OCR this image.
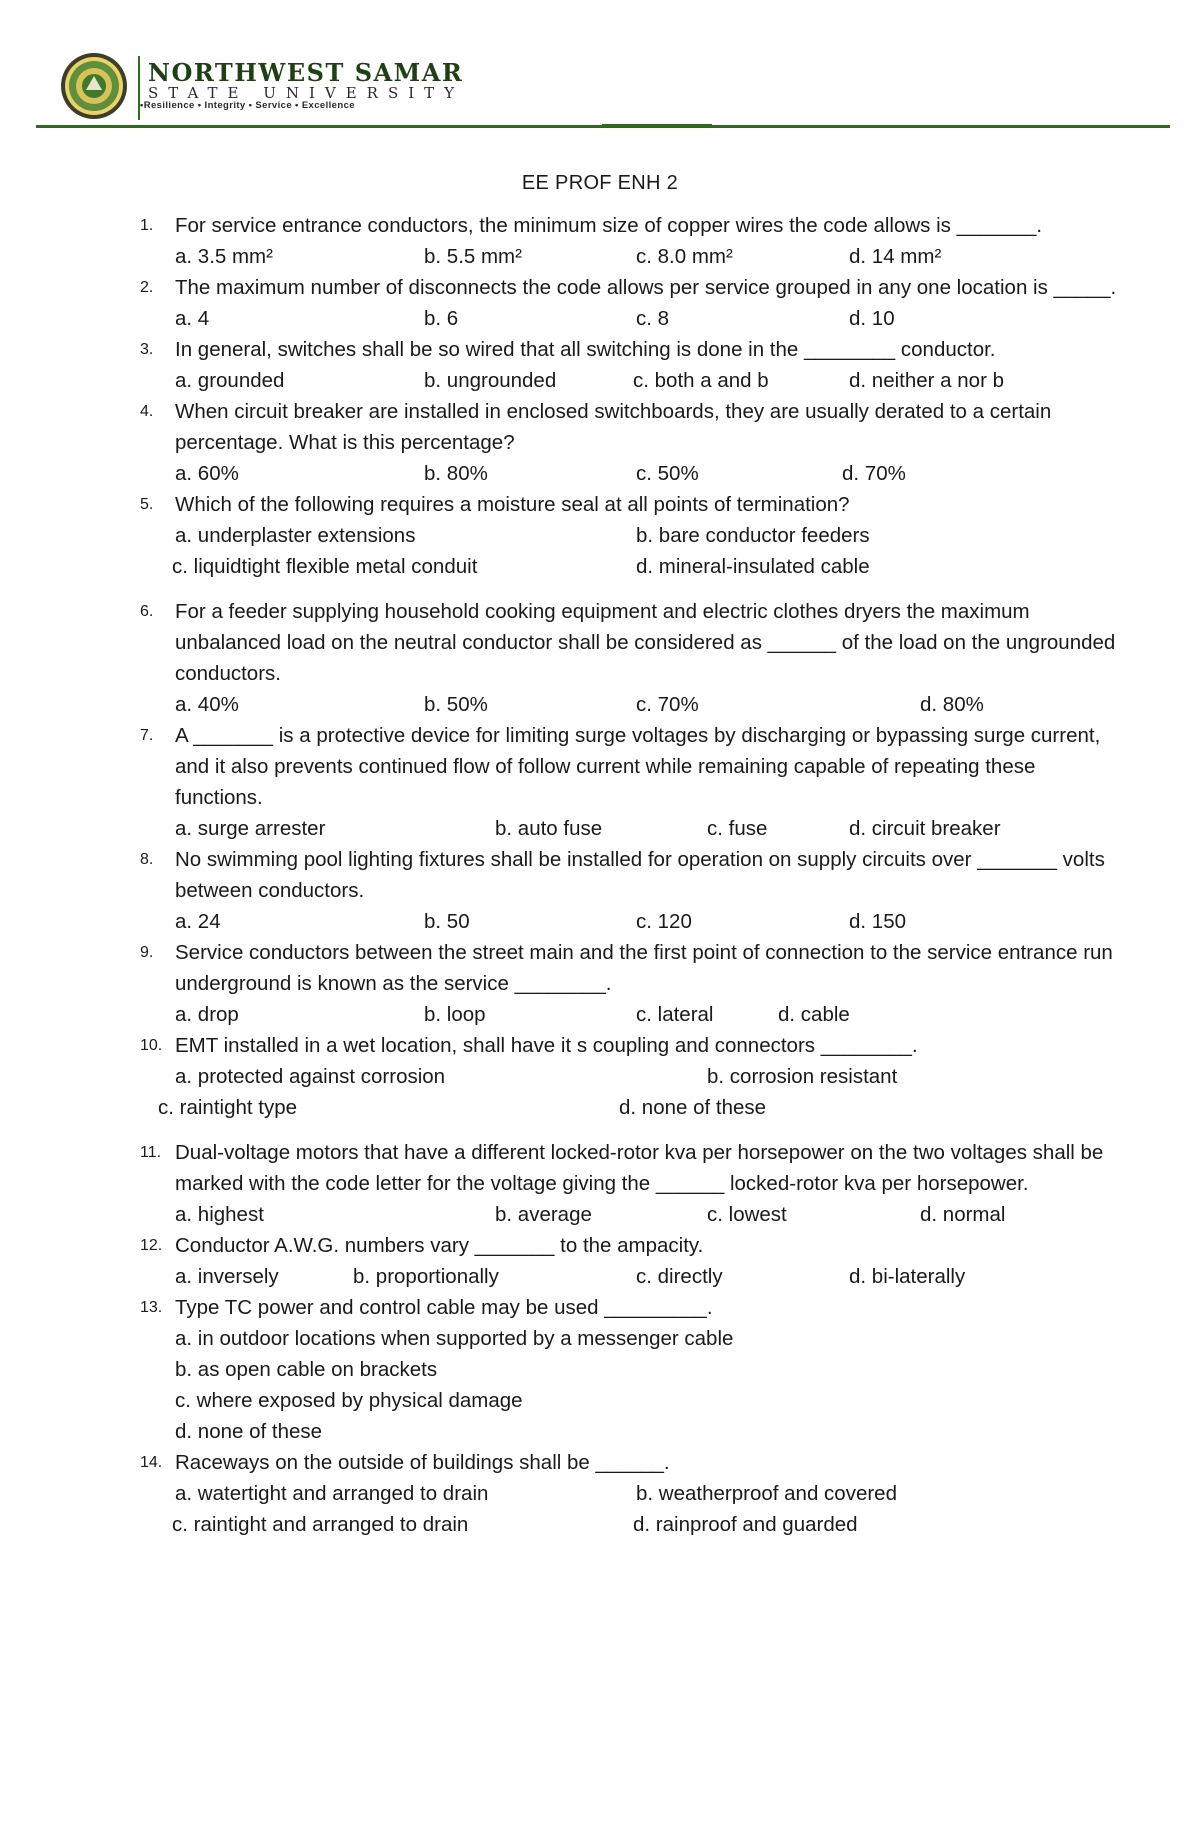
NORTHWEST SAMAR
STATE UNIVERSITY
•Resilience • Integrity • Service • Excellence
EE PROF ENH 2
1.	For service entrance conductors, the minimum size of copper wires the code allows is _______.
a. 3.5 mm²	b. 5.5 mm²	c. 8.0 mm²	d. 14 mm²
2.	The maximum number of disconnects the code allows per service grouped in any one location is _____.
a. 4	b. 6	c. 8	d. 10
3.	In general, switches shall be so wired that all switching is done in the ________ conductor.
a. grounded	b. ungrounded	c. both a and b	d. neither a nor b
4.	When circuit breaker are installed in enclosed switchboards, they are usually derated to a certain percentage. What is this percentage?
a. 60%	b. 80%	c. 50%	d. 70%
5.	Which of the following requires a moisture seal at all points of termination?
a. underplaster extensions	b. bare conductor feeders
c. liquidtight flexible metal conduit	d. mineral-insulated cable
6.	For a feeder supplying household cooking equipment and electric clothes dryers the maximum unbalanced load on the neutral conductor shall be considered as ______ of the load on the ungrounded conductors.
a. 40%	b. 50%	c. 70%	d. 80%
7.	A _______ is a protective device for limiting surge voltages by discharging or bypassing surge current, and it also prevents continued flow of follow current while remaining capable of repeating these functions.
a. surge arrester	b. auto fuse	c. fuse	d. circuit breaker
8.	No swimming pool lighting fixtures shall be installed for operation on supply circuits over _______ volts between conductors.
a. 24	b. 50	c. 120	d. 150
9.	Service conductors between the street main and the first point of connection to the service entrance run underground is known as the service ________.
a. drop	b. loop	c. lateral	d. cable
10. EMT installed in a wet location, shall have it s coupling and connectors ________.
a. protected against corrosion	b. corrosion resistant
c. raintight type	d. none of these
11. Dual-voltage motors that have a different locked-rotor kva per horsepower on the two voltages shall be marked with the code letter for the voltage giving the ______ locked-rotor kva per horsepower.
a. highest	b. average	c. lowest	d. normal
12. Conductor A.W.G. numbers vary _______ to the ampacity.
a. inversely	b. proportionally	c. directly	d. bi-laterally
13. Type TC power and control cable may be used _________.
a. in outdoor locations when supported by a messenger cable
b. as open cable on brackets
c. where exposed by physical damage
d. none of these
14. Raceways on the outside of buildings shall be ______.
a. watertight and arranged to drain	b. weatherproof and covered
c. raintight and arranged to drain	d. rainproof and guarded
